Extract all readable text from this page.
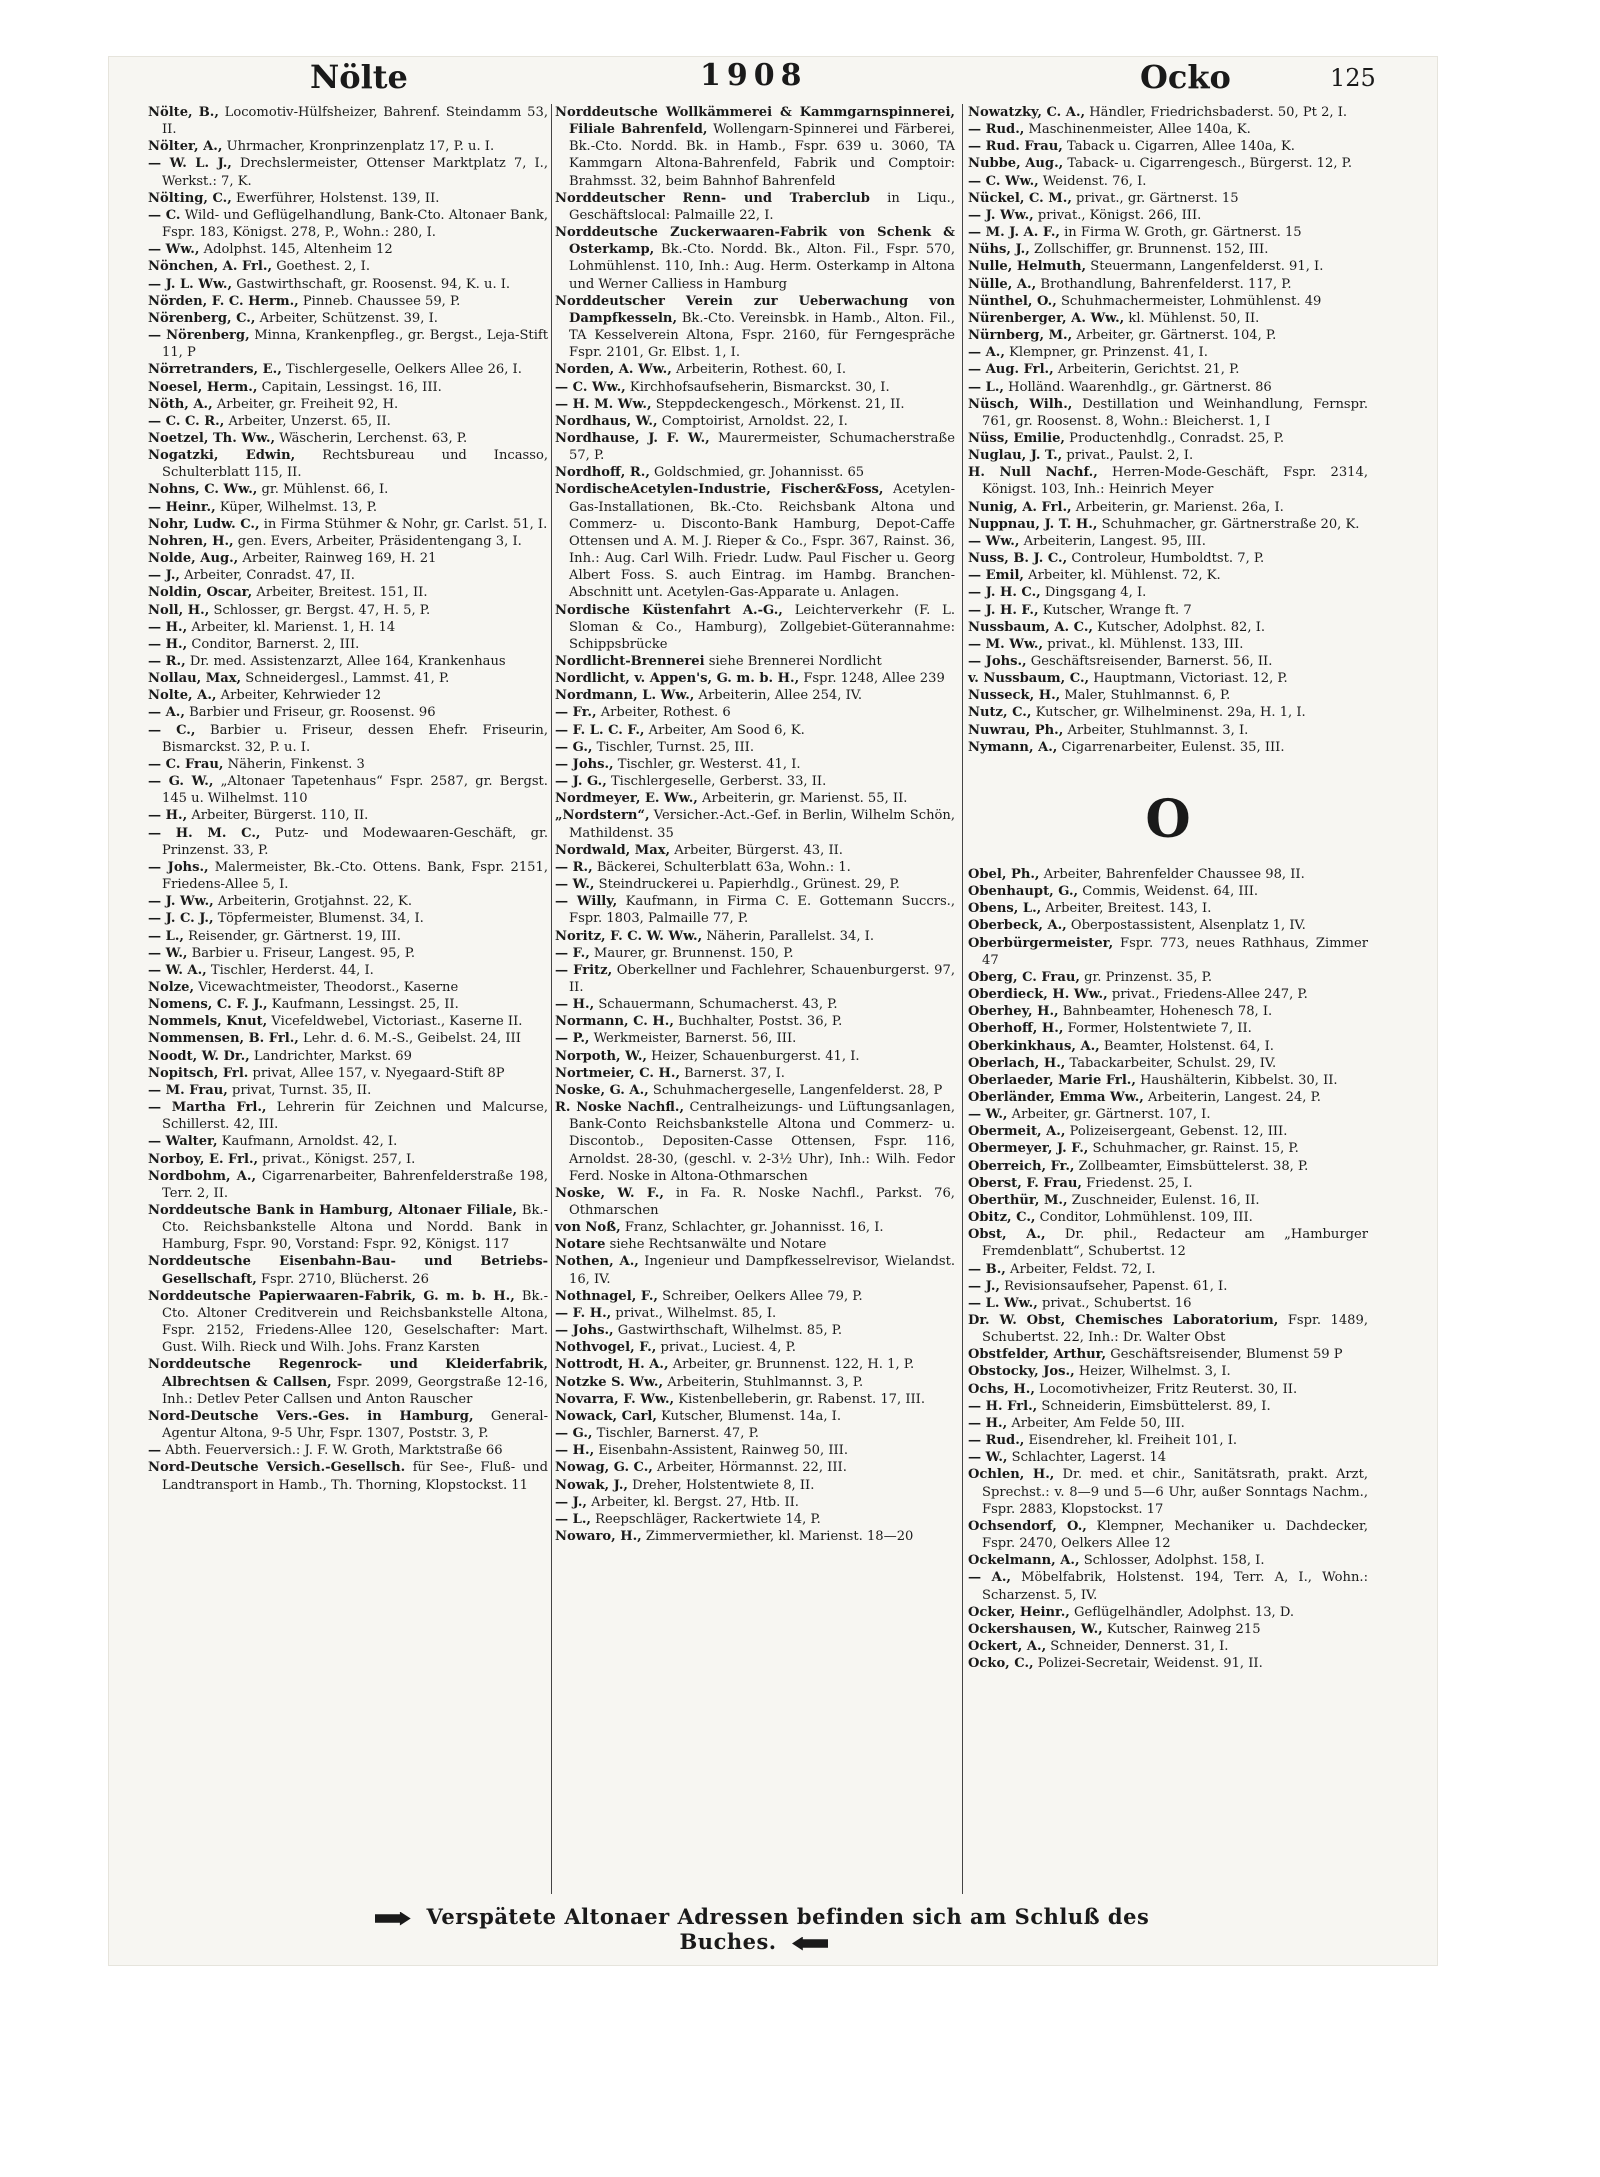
Nölte	1908	Ocko	125

Nölte, B., Locomotiv-Hülfsheizer, Bahrenf. Steindamm 53, II.

Nölter, A., Uhrmacher, Kronprinzenplatz 17, P. u. I.

— W. L. J., Drechslermeister, Ottenser Marktplatz 7, I., Werkst.: 7, K.

Nölting, C., Ewerführer, Holstenst. 139, II.

— C. Wild- und Geflügelhandlung, Bank-Cto. Altonaer Bank, Fspr. 183, Königst. 278, P., Wohn.: 280, I.

— Ww., Adolphst. 145, Altenheim 12

Nönchen, A. Frl., Goethest. 2, I.

— J. L. Ww., Gastwirthschaft, gr. Roosenst. 94, K. u. I.

Nörden, F. C. Herm., Pinneb. Chaussee 59, P.

Nörenberg, C., Arbeiter, Schützenst. 39, I.

— Nörenberg, Minna, Krankenpfleg., gr. Bergst., Leja-Stift 11, P

Nörretranders, E., Tischlergeselle, Oelkers Allee 26, I.

Noesel, Herm., Capitain, Lessingst. 16, III.

Nöth, A., Arbeiter, gr. Freiheit 92, H.

— C. C. R., Arbeiter, Unzerst. 65, II.

Noetzel, Th. Ww., Wäscherin, Lerchenst. 63, P.

Nogatzki, Edwin, Rechtsbureau und Incasso, Schulterblatt 115, II.

Nohns, C. Ww., gr. Mühlenst. 66, I.

— Heinr., Küper, Wilhelmst. 13, P.

Nohr, Ludw. C., in Firma Stühmer & Nohr, gr. Carlst. 51, I.

Nohren, H., gen. Evers, Arbeiter, Präsidentengang 3, I.

Nolde, Aug., Arbeiter, Rainweg 169, H. 21

— J., Arbeiter, Conradst. 47, II.

Noldin, Oscar, Arbeiter, Breitest. 151, II.

Noll, H., Schlosser, gr. Bergst. 47, H. 5, P.

— H., Arbeiter, kl. Marienst. 1, H. 14

— H., Conditor, Barnerst. 2, III.

— R., Dr. med. Assistenzarzt, Allee 164, Krankenhaus

Nollau, Max, Schneidergesl., Lammst. 41, P.

Nolte, A., Arbeiter, Kehrwieder 12

— A., Barbier und Friseur, gr. Roosenst. 96

— C., Barbier u. Friseur, dessen Ehefr. Friseurin, Bismarckst. 32, P. u. I.

— C. Frau, Näherin, Finkenst. 3

— G. W., „Altonaer Tapetenhaus“ Fspr. 2587, gr. Bergst. 145 u. Wilhelmst. 110

— H., Arbeiter, Bürgerst. 110, II.

— H. M. C., Putz- und Modewaaren-Geschäft, gr. Prinzenst. 33, P.

— Johs., Malermeister, Bk.-Cto. Ottens. Bank, Fspr. 2151, Friedens-Allee 5, I.

— J. Ww., Arbeiterin, Grotjahnst. 22, K.

— J. C. J., Töpfermeister, Blumenst. 34, I.

— L., Reisender, gr. Gärtnerst. 19, III.

— W., Barbier u. Friseur, Langest. 95, P.

— W. A., Tischler, Herderst. 44, I.

Nolze, Vicewachtmeister, Theodorst., Kaserne

Nomens, C. F. J., Kaufmann, Lessingst. 25, II.

Nommels, Knut, Vicefeldwebel, Victoriast., Kaserne II.

Nommensen, B. Frl., Lehr. d. 6. M.-S., Geibelst. 24, III

Noodt, W. Dr., Landrichter, Markst. 69

Nopitsch, Frl. privat, Allee 157, v. Nyegaard-Stift 8P

— M. Frau, privat, Turnst. 35, II.

— Martha Frl., Lehrerin für Zeichnen und Malcurse, Schillerst. 42, III.

— Walter, Kaufmann, Arnoldst. 42, I.

Norboy, E. Frl., privat., Königst. 257, I.

Nordbohm, A., Cigarrenarbeiter, Bahrenfelderstraße 198, Terr. 2, II.

Norddeutsche Bank in Hamburg, Altonaer Filiale, Bk.-Cto. Reichsbankstelle Altona und Nordd. Bank in Hamburg, Fspr. 90, Vorstand: Fspr. 92, Königst. 117

Norddeutsche Eisenbahn-Bau- und Betriebs-Gesellschaft, Fspr. 2710, Blücherst. 26

Norddeutsche Papierwaaren-Fabrik, G. m. b. H., Bk.-Cto. Altoner Creditverein und Reichsbankstelle Altona, Fspr. 2152, Friedens-Allee 120, Geselschafter: Mart. Gust. Wilh. Rieck und Wilh. Johs. Franz Karsten

Norddeutsche Regenrock- und Kleiderfabrik, Albrechtsen & Callsen, Fspr. 2099, Georgstraße 12-16, Inh.: Detlev Peter Callsen und Anton Rauscher

Nord-Deutsche Vers.-Ges. in Hamburg, General-Agentur Altona, 9-5 Uhr, Fspr. 1307, Poststr. 3, P.

— Abth. Feuerversich.: J. F. W. Groth, Marktstraße 66

Nord-Deutsche Versich.-Gesellsch. für See-, Fluß- und Landtransport in Hamb., Th. Thorning, Klopstockst. 11

Norddeutsche Wollkämmerei & Kammgarnspinnerei, Filiale Bahrenfeld, Wollengarn-Spinnerei und Färberei, Bk.-Cto. Nordd. Bk. in Hamb., Fspr. 639 u. 3060, TA Kammgarn Altona-Bahrenfeld, Fabrik und Comptoir: Brahmsst. 32, beim Bahnhof Bahrenfeld

Norddeutscher Renn- und Traberclub in Liqu., Geschäftslocal: Palmaille 22, I.

Norddeutsche Zuckerwaaren-Fabrik von Schenk & Osterkamp, Bk.-Cto. Nordd. Bk., Alton. Fil., Fspr. 570, Lohmühlenst. 110, Inh.: Aug. Herm. Osterkamp in Altona und Werner Calliess in Hamburg

Norddeutscher Verein zur Ueberwachung von Dampfkesseln, Bk.-Cto. Vereinsbk. in Hamb., Alton. Fil., TA Kesselverein Altona, Fspr. 2160, für Ferngespräche Fspr. 2101, Gr. Elbst. 1, I.

Norden, A. Ww., Arbeiterin, Rothest. 60, I.

— C. Ww., Kirchhofsaufseherin, Bismarckst. 30, I.

— H. M. Ww., Steppdeckengesch., Mörkenst. 21, II.

Nordhaus, W., Comptoirist, Arnoldst. 22, I.

Nordhause, J. F. W., Maurermeister, Schumacherstraße 57, P.

Nordhoff, R., Goldschmied, gr. Johannisst. 65

NordischeAcetylen-Industrie, Fischer&Foss, Acetylen-Gas-Installationen, Bk.-Cto. Reichsbank Altona und Commerz- u. Disconto-Bank Hamburg, Depot-Caffe Ottensen und A. M. J. Rieper & Co., Fspr. 367, Rainst. 36, Inh.: Aug. Carl Wilh. Friedr. Ludw. Paul Fischer u. Georg Albert Foss. S. auch Eintrag. im Hambg. Branchen-Abschnitt unt. Acetylen-Gas-Apparate u. Anlagen.

Nordische Küstenfahrt A.-G., Leichterverkehr (F. L. Sloman & Co., Hamburg), Zollgebiet-Güterannahme: Schippsbrücke

Nordlicht-Brennerei siehe Brennerei Nordlicht

Nordlicht, v. Appen's, G. m. b. H., Fspr. 1248, Allee 239

Nordmann, L. Ww., Arbeiterin, Allee 254, IV.

— Fr., Arbeiter, Rothest. 6

— F. L. C. F., Arbeiter, Am Sood 6, K.

— G., Tischler, Turnst. 25, III.

— Johs., Tischler, gr. Westerst. 41, I.

— J. G., Tischlergeselle, Gerberst. 33, II.

Nordmeyer, E. Ww., Arbeiterin, gr. Marienst. 55, II.

„Nordstern“, Versicher.-Act.-Gef. in Berlin, Wilhelm Schön, Mathildenst. 35

Nordwald, Max, Arbeiter, Bürgerst. 43, II.

— R., Bäckerei, Schulterblatt 63a, Wohn.: 1.

— W., Steindruckerei u. Papierhdlg., Grünest. 29, P.

— Willy, Kaufmann, in Firma C. E. Gottemann Succrs., Fspr. 1803, Palmaille 77, P.

Noritz, F. C. W. Ww., Näherin, Parallelst. 34, I.

— F., Maurer, gr. Brunnenst. 150, P.

— Fritz, Oberkellner und Fachlehrer, Schauenburgerst. 97, II.

— H., Schauermann, Schumacherst. 43, P.

Normann, C. H., Buchhalter, Postst. 36, P.

— P., Werkmeister, Barnerst. 56, III.

Norpoth, W., Heizer, Schauenburgerst. 41, I.

Nortmeier, C. H., Barnerst. 37, I.

Noske, G. A., Schuhmachergeselle, Langenfelderst. 28, P

R. Noske Nachfl., Centralheizungs- und Lüftungsanlagen, Bank-Conto Reichsbankstelle Altona und Commerz- u. Discontob., Depositen-Casse Ottensen, Fspr. 116, Arnoldst. 28-30, (geschl. v. 2-3½ Uhr), Inh.: Wilh. Fedor Ferd. Noske in Altona-Othmarschen

Noske, W. F., in Fa. R. Noske Nachfl., Parkst. 76, Othmarschen

von Noß, Franz, Schlachter, gr. Johannisst. 16, I.

Notare siehe Rechtsanwälte und Notare

Nothen, A., Ingenieur und Dampfkesselrevisor, Wielandst. 16, IV.

Nothnagel, F., Schreiber, Oelkers Allee 79, P.

— F. H., privat., Wilhelmst. 85, I.

— Johs., Gastwirthschaft, Wilhelmst. 85, P.

Nothvogel, F., privat., Luciest. 4, P.

Nottrodt, H. A., Arbeiter, gr. Brunnenst. 122, H. 1, P.

Notzke S. Ww., Arbeiterin, Stuhlmannst. 3, P.

Novarra, F. Ww., Kistenbelleberin, gr. Rabenst. 17, III.

Nowack, Carl, Kutscher, Blumenst. 14a, I.

— G., Tischler, Barnerst. 47, P.

— H., Eisenbahn-Assistent, Rainweg 50, III.

Nowag, G. C., Arbeiter, Hörmannst. 22, III.

Nowak, J., Dreher, Holstentwiete 8, II.

— J., Arbeiter, kl. Bergst. 27, Htb. II.

— L., Reepschläger, Rackertwiete 14, P.

Nowaro, H., Zimmervermiether, kl. Marienst. 18—20

Nowatzky, C. A., Händler, Friedrichsbaderst. 50, Pt 2, I.

— Rud., Maschinenmeister, Allee 140a, K.

— Rud. Frau, Taback u. Cigarren, Allee 140a, K.

Nubbe, Aug., Taback- u. Cigarrengesch., Bürgerst. 12, P.

— C. Ww., Weidenst. 76, I.

Nückel, C. M., privat., gr. Gärtnerst. 15

— J. Ww., privat., Königst. 266, III.

— M. J. A. F., in Firma W. Groth, gr. Gärtnerst. 15

Nühs, J., Zollschiffer, gr. Brunnenst. 152, III.

Nulle, Helmuth, Steuermann, Langenfelderst. 91, I.

Nülle, A., Brothandlung, Bahrenfelderst. 117, P.

Nünthel, O., Schuhmachermeister, Lohmühlenst. 49

Nürenberger, A. Ww., kl. Mühlenst. 50, II.

Nürnberg, M., Arbeiter, gr. Gärtnerst. 104, P.

— A., Klempner, gr. Prinzenst. 41, I.

— Aug. Frl., Arbeiterin, Gerichtst. 21, P.

— L., Holländ. Waarenhdlg., gr. Gärtnerst. 86

Nüsch, Wilh., Destillation und Weinhandlung, Fernspr. 761, gr. Roosenst. 8, Wohn.: Bleicherst. 1, I

Nüss, Emilie, Productenhdlg., Conradst. 25, P.

Nuglau, J. T., privat., Paulst. 2, I.

H. Null Nachf., Herren-Mode-Geschäft, Fspr. 2314, Königst. 103, Inh.: Heinrich Meyer

Nunig, A. Frl., Arbeiterin, gr. Marienst. 26a, I.

Nuppnau, J. T. H., Schuhmacher, gr. Gärtnerstraße 20, K.

— Ww., Arbeiterin, Langest. 95, III.

Nuss, B. J. C., Controleur, Humboldtst. 7, P.

— Emil, Arbeiter, kl. Mühlenst. 72, K.

— J. H. C., Dingsgang 4, I.

— J. H. F., Kutscher, Wrange ft. 7

Nussbaum, A. C., Kutscher, Adolphst. 82, I.

— M. Ww., privat., kl. Mühlenst. 133, III.

— Johs., Geschäftsreisender, Barnerst. 56, II.

v. Nussbaum, C., Hauptmann, Victoriast. 12, P.

Nusseck, H., Maler, Stuhlmannst. 6, P.

Nutz, C., Kutscher, gr. Wilhelminenst. 29a, H. 1, I.

Nuwrau, Ph., Arbeiter, Stuhlmannst. 3, I.

Nymann, A., Cigarrenarbeiter, Eulenst. 35, III.

O

Obel, Ph., Arbeiter, Bahrenfelder Chaussee 98, II.

Obenhaupt, G., Commis, Weidenst. 64, III.

Obens, L., Arbeiter, Breitest. 143, I.

Oberbeck, A., Oberpostassistent, Alsenplatz 1, IV.

Oberbürgermeister, Fspr. 773, neues Rathhaus, Zimmer 47

Oberg, C. Frau, gr. Prinzenst. 35, P.

Oberdieck, H. Ww., privat., Friedens-Allee 247, P.

Oberhey, H., Bahnbeamter, Hohenesch 78, I.

Oberhoff, H., Former, Holstentwiete 7, II.

Oberkinkhaus, A., Beamter, Holstenst. 64, I.

Oberlach, H., Tabackarbeiter, Schulst. 29, IV.

Oberlaeder, Marie Frl., Haushälterin, Kibbelst. 30, II.

Oberländer, Emma Ww., Arbeiterin, Langest. 24, P.

— W., Arbeiter, gr. Gärtnerst. 107, I.

Obermeit, A., Polizeisergeant, Gebenst. 12, III.

Obermeyer, J. F., Schuhmacher, gr. Rainst. 15, P.

Oberreich, Fr., Zollbeamter, Eimsbüttelerst. 38, P.

Oberst, F. Frau, Friedenst. 25, I.

Oberthür, M., Zuschneider, Eulenst. 16, II.

Obitz, C., Conditor, Lohmühlenst. 109, III.

Obst, A., Dr. phil., Redacteur am „Hamburger Fremdenblatt“, Schubertst. 12

— B., Arbeiter, Feldst. 72, I.

— J., Revisionsaufseher, Papenst. 61, I.

— L. Ww., privat., Schubertst. 16

Dr. W. Obst, Chemisches Laboratorium, Fspr. 1489, Schubertst. 22, Inh.: Dr. Walter Obst

Obstfelder, Arthur, Geschäftsreisender, Blumenst 59 P

Obstocky, Jos., Heizer, Wilhelmst. 3, I.

Ochs, H., Locomotivheizer, Fritz Reuterst. 30, II.

— H. Frl., Schneiderin, Eimsbüttelerst. 89, I.

— H., Arbeiter, Am Felde 50, III.

— Rud., Eisendreher, kl. Freiheit 101, I.

— W., Schlachter, Lagerst. 14

Ochlen, H., Dr. med. et chir., Sanitätsrath, prakt. Arzt, Sprechst.: v. 8—9 und 5—6 Uhr, außer Sonntags Nachm., Fspr. 2883, Klopstockst. 17

Ochsendorf, O., Klempner, Mechaniker u. Dachdecker, Fspr. 2470, Oelkers Allee 12

Ockelmann, A., Schlosser, Adolphst. 158, I.

— A., Möbelfabrik, Holstenst. 194, Terr. A, I., Wohn.: Scharzenst. 5, IV.

Ocker, Heinr., Geflügelhändler, Adolphst. 13, D.

Ockershausen, W., Kutscher, Rainweg 215

Ockert, A., Schneider, Dennerst. 31, I.

Ocko, C., Polizei-Secretair, Weidenst. 91, II.

Verspätete Altonaer Adressen befinden sich am Schluß des Buches.
